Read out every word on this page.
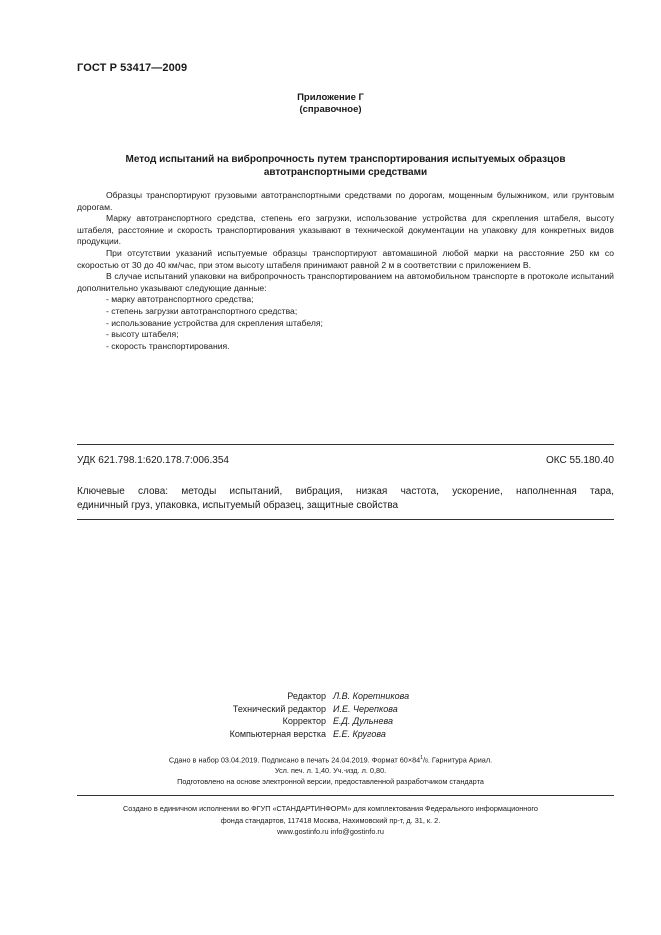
ГОСТ Р 53417—2009
Приложение Г
(справочное)
Метод испытаний на вибропрочность путем транспортирования испытуемых образцов
автотранспортными средствами

Образцы транспортируют грузовыми автотранспортными средствами по дорогам, мощенным булыжником, или грунтовым дорогам.

Марку автотранспортного средства, степень его загрузки, использование устройства для скрепления штабеля, высоту штабеля, расстояние и скорость транспортирования указывают в технической документации на упаковку для конкретных видов продукции.

При отсутствии указаний испытуемые образцы транспортируют автомашиной любой марки на расстояние 250 км со скоростью от 30 до 40 км/час, при этом высоту штабеля принимают равной 2 м в соответствии с приложением В.

В случае испытаний упаковки на вибропрочность транспортированием на автомобильном транспорте в протоколе испытаний дополнительно указывают следующие данные:

- марку автотранспортного средства;

- степень загрузки автотранспортного средства;

- использование устройства для скрепления штабеля;

- высоту штабеля;

- скорость транспортирования.

УДК 621.798.1:620.178.7:006.354	ОКС 55.180.40
Ключевые слова: методы испытаний, вибрация, низкая частота, ускорение, наполненная тара,
единичный груз, упаковка, испытуемый образец, защитные свойства
Редактор Л.В. Коретникова
Технический редактор И.Е. Черепкова
Корректор Е.Д. Дульнева
Компьютерная верстка Е.Е. Кругова
Сдано в набор 03.04.2019. Подписано в печать 24.04.2019. Формат $60\times 84^1/8$. Гарнитура Ариал.
Усл. печ. л. 1,40. Уч.-изд. л. 0,80.
Подготовлено на основе электронной версии, предоставленной разработчиком стандарта
Создано в единичном исполнении во ФГУП «СТАНДАРТИНФОРМ» для комплектования Федерального информационного
фонда стандартов, 117418 Москва, Нахимовский пр-т, д. 31, к. 2.
www.gostinfo.ru info@gostinfo.ru
